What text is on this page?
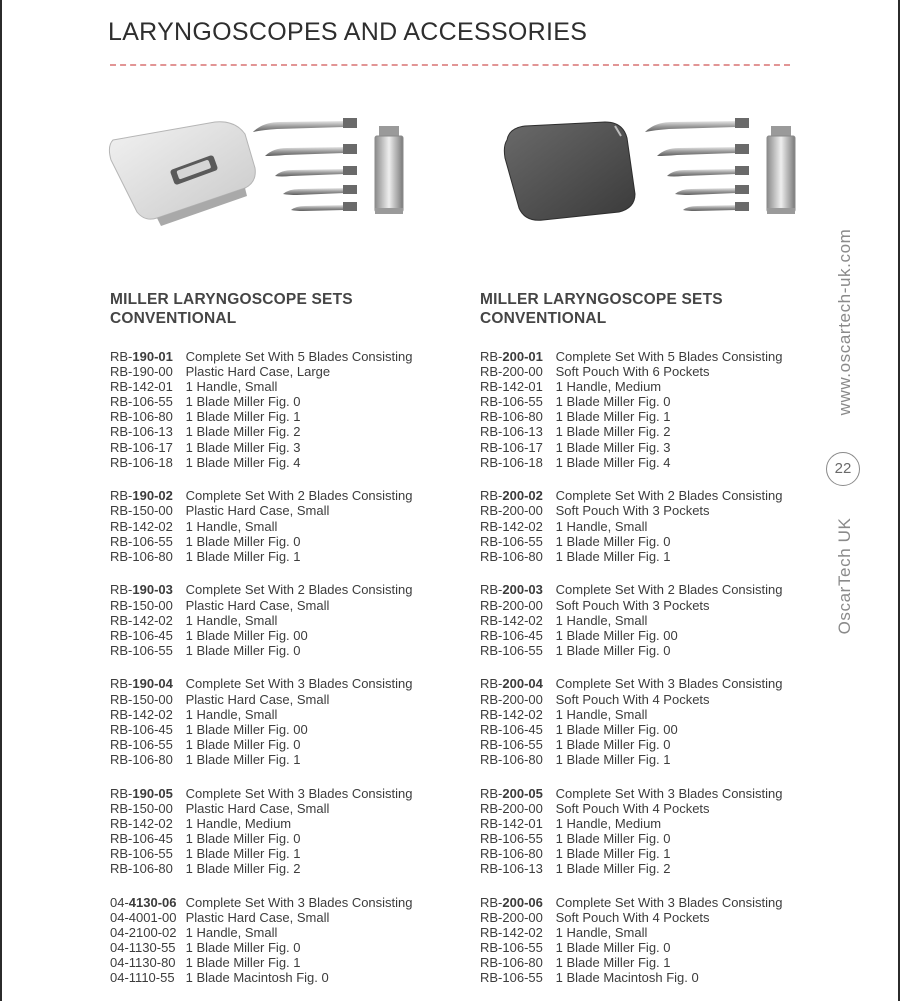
LARYNGOSCOPES AND ACCESSORIES
MILLER LARYNGOSCOPE SETS
CONVENTIONAL
RB-190-01 Complete Set With 5 Blades Consisting
RB-190-00 Plastic Hard Case, Large
RB-142-01 1 Handle, Small
RB-106-55 1 Blade Miller Fig. 0
RB-106-80 1 Blade Miller Fig. 1
RB-106-13 1 Blade Miller Fig. 2
RB-106-17 1 Blade Miller Fig. 3
RB-106-18 1 Blade Miller Fig. 4
RB-190-02 Complete Set With 2 Blades Consisting
RB-150-00 Plastic Hard Case, Small
RB-142-02 1 Handle, Small
RB-106-55 1 Blade Miller Fig. 0
RB-106-80 1 Blade Miller Fig. 1
RB-190-03 Complete Set With 2 Blades Consisting
RB-150-00 Plastic Hard Case, Small
RB-142-02 1 Handle, Small
RB-106-45 1 Blade Miller Fig. 00
RB-106-55 1 Blade Miller Fig. 0
RB-190-04 Complete Set With 3 Blades Consisting
RB-150-00 Plastic Hard Case, Small
RB-142-02 1 Handle, Small
RB-106-45 1 Blade Miller Fig. 00
RB-106-55 1 Blade Miller Fig. 0
RB-106-80 1 Blade Miller Fig. 1
RB-190-05 Complete Set With 3 Blades Consisting
RB-150-00 Plastic Hard Case, Small
RB-142-02 1 Handle, Medium
RB-106-45 1 Blade Miller Fig. 0
RB-106-55 1 Blade Miller Fig. 1
RB-106-80 1 Blade Miller Fig. 2
04-4130-06 Complete Set With 3 Blades Consisting
04-4001-00 Plastic Hard Case, Small
04-2100-02 1 Handle, Small
04-1130-55 1 Blade Miller Fig. 0
04-1130-80 1 Blade Miller Fig. 1
04-1110-55 1 Blade Macintosh Fig. 0
MILLER LARYNGOSCOPE SETS
CONVENTIONAL
RB-200-01 Complete Set With 5 Blades Consisting
RB-200-00 Soft Pouch With 6 Pockets
RB-142-01 1 Handle, Medium
RB-106-55 1 Blade Miller Fig. 0
RB-106-80 1 Blade Miller Fig. 1
RB-106-13 1 Blade Miller Fig. 2
RB-106-17 1 Blade Miller Fig. 3
RB-106-18 1 Blade Miller Fig. 4
RB-200-02 Complete Set With 2 Blades Consisting
RB-200-00 Soft Pouch With 3 Pockets
RB-142-02 1 Handle, Small
RB-106-55 1 Blade Miller Fig. 0
RB-106-80 1 Blade Miller Fig. 1
RB-200-03 Complete Set With 2 Blades Consisting
RB-200-00 Soft Pouch With 3 Pockets
RB-142-02 1 Handle, Small
RB-106-45 1 Blade Miller Fig. 00
RB-106-55 1 Blade Miller Fig. 0
RB-200-04 Complete Set With 3 Blades Consisting
RB-200-00 Soft Pouch With 4 Pockets
RB-142-02 1 Handle, Small
RB-106-45 1 Blade Miller Fig. 00
RB-106-55 1 Blade Miller Fig. 0
RB-106-80 1 Blade Miller Fig. 1
RB-200-05 Complete Set With 3 Blades Consisting
RB-200-00 Soft Pouch With 4 Pockets
RB-142-01 1 Handle, Medium
RB-106-55 1 Blade Miller Fig. 0
RB-106-80 1 Blade Miller Fig. 1
RB-106-13 1 Blade Miller Fig. 2
RB-200-06 Complete Set With 3 Blades Consisting
RB-200-00 Soft Pouch With 4 Pockets
RB-142-02 1 Handle, Small
RB-106-55 1 Blade Miller Fig. 0
RB-106-80 1 Blade Miller Fig. 1
RB-106-55 1 Blade Macintosh Fig. 0
www.oscartech-uk.com
OscarTech UK
22
